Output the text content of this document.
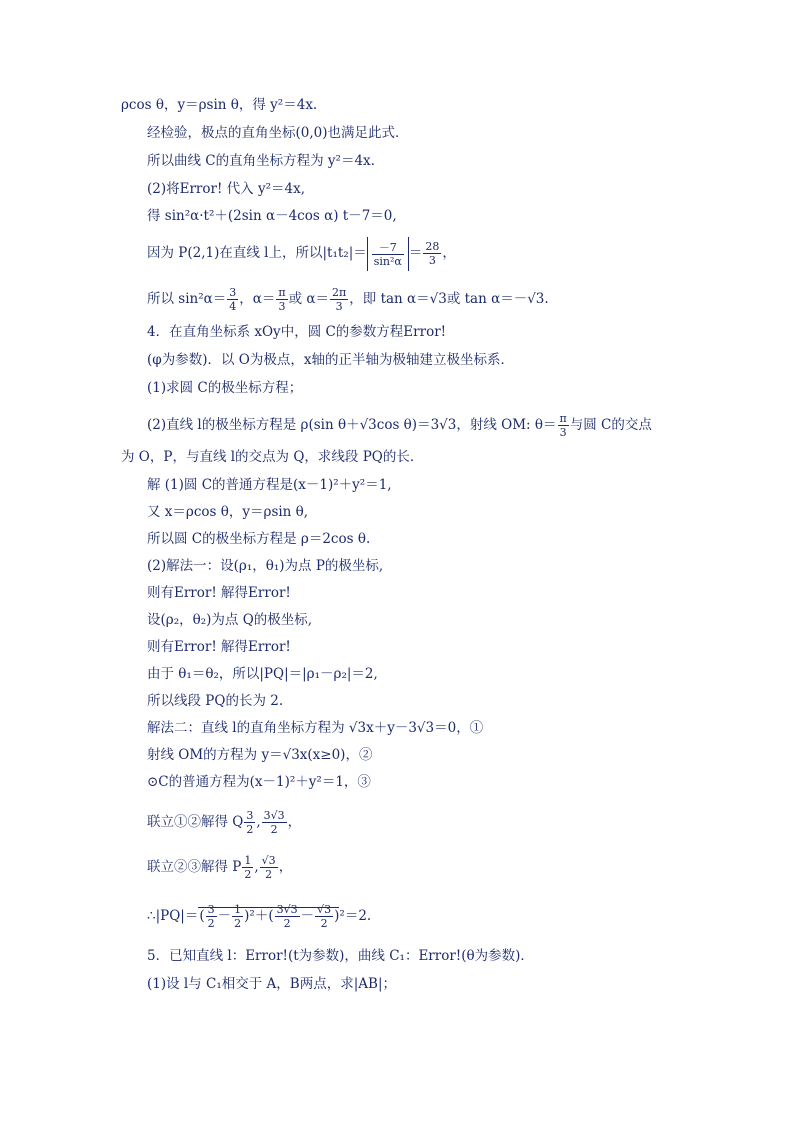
ρcos θ，y＝ρsin θ，得 y²＝4x.
经检验，极点的直角坐标(0,0)也满足此式．
所以曲线 C的直角坐标方程为 y²＝4x.
(2)将Error! 代入 y²＝4x,
得 sin²α·t²＋(2sin α－4cos α) t－7＝0,
因为 P(2,1)在直线 l上，所以$|t_1t_2|= \frac{-7}{\text{sin²α}} = \frac{28}{3}$ ，
所以 $\sin^2\alpha= \frac{3}{4}$ ，$\alpha= \frac{\pi}{3}$ 或 $\alpha= \frac{2\pi}{3}$ ，即 tan α＝√3或 tan α＝－√3.
4．在直角坐标系 xOy中，圆 C的参数方程Error!
(φ为参数)．以 O为极点，x轴的正半轴为极轴建立极坐标系．
(1)求圆 C的极坐标方程；
(2)直线 l的极坐标方程是 ρ(sin θ＋√3cos θ)＝3√3，射线 OM: $\theta= \frac{\pi}{3}$ 与圆 C的交点
为 O，P，与直线 l的交点为 Q，求线段 PQ的长．
解 (1)圆 C的普通方程是(x－1)²＋y²＝1,
又 x＝ρcos θ，y＝ρsin θ,
所以圆 C的极坐标方程是 ρ＝2cos θ.
(2)解法一：设(ρ₁，θ₁)为点 P的极坐标,
则有Error! 解得Error!
设(ρ₂，θ₂)为点 Q的极坐标,
则有Error! 解得Error!
由于 θ₁＝θ₂，所以|PQ|＝|ρ₁－ρ₂|＝2,
所以线段 PQ的长为 2.
解法二：直线 l的直角坐标方程为 √3x＋y－3√3＝0，①
射线 OM的方程为 y＝√3x(x≥0)，②
⊙C的普通方程为(x－1)²＋y²＝1，③
联立①②解得 Q $\frac{3}{2}$ , $\frac{3√3}{2}$ ，
联立②③解得 P $\frac{1}{2}$ , $\frac{√3}{2}$ ，
∴|PQ|＝( $\frac{3}{2} - \frac{1}{2} )^2+( \frac{3√3}{2} - \frac{√3}{2} )^2=2$.
5．已知直线 l：Error!(t为参数)，曲线 C₁：Error!(θ为参数)．
(1)设 l与 C₁相交于 A，B两点，求|AB|；
